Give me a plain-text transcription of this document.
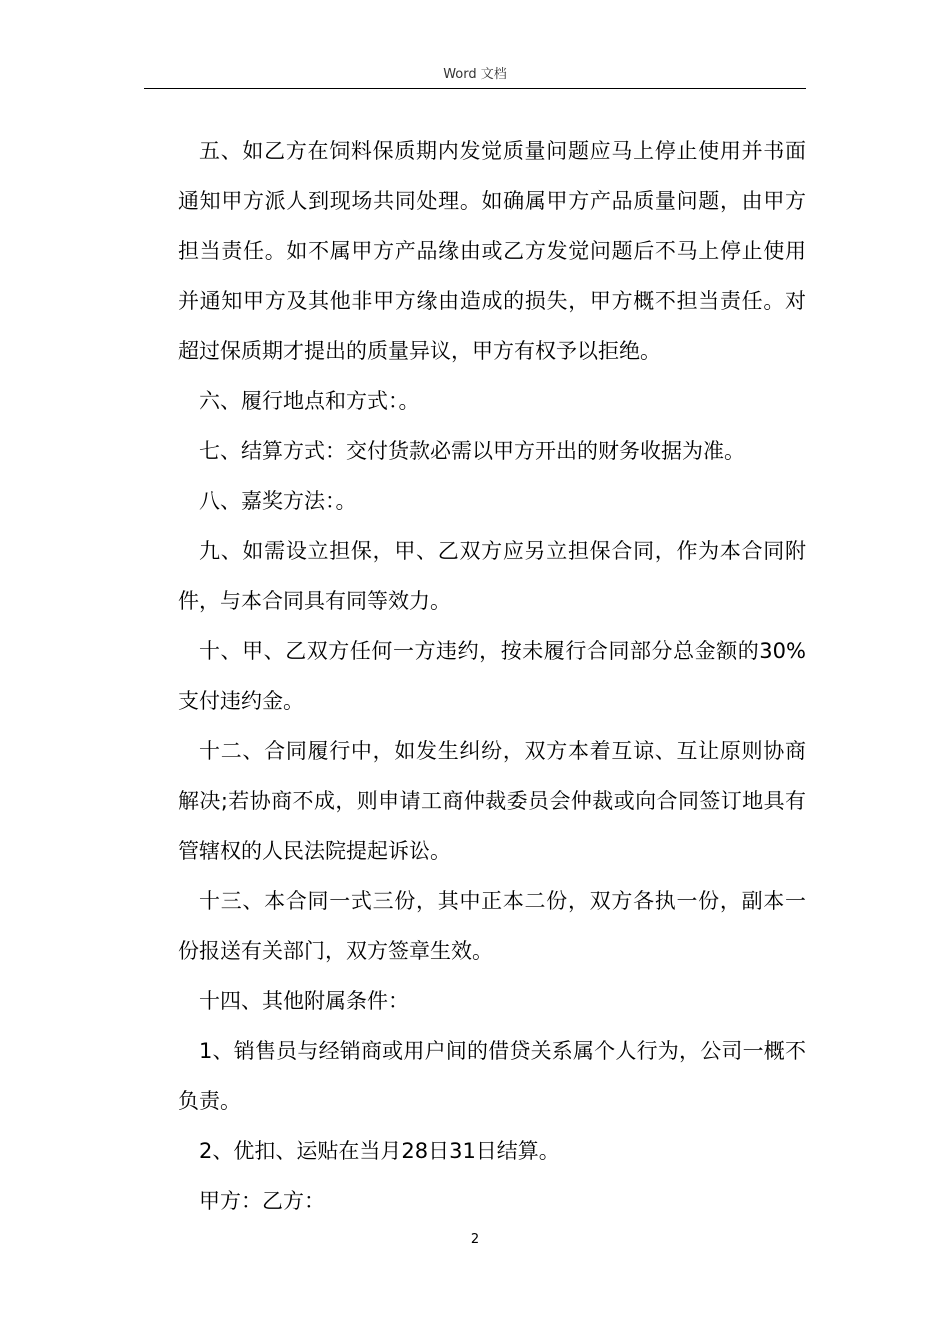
Word 文档

五、如乙方在饲料保质期内发觉质量问题应马上停止使用并书面通知甲方派人到现场共同处理。如确属甲方产品质量问题，由甲方担当责任。如不属甲方产品缘由或乙方发觉问题后不马上停止使用并通知甲方及其他非甲方缘由造成的损失，甲方概不担当责任。对超过保质期才提出的质量异议，甲方有权予以拒绝。

六、履行地点和方式：。

七、结算方式：交付货款必需以甲方开出的财务收据为准。

八、嘉奖方法：。

九、如需设立担保，甲、乙双方应另立担保合同，作为本合同附件，与本合同具有同等效力。

十、甲、乙双方任何一方违约，按未履行合同部分总金额的30%支付违约金。

十二、合同履行中，如发生纠纷，双方本着互谅、互让原则协商解决;若协商不成，则申请工商仲裁委员会仲裁或向合同签订地具有管辖权的人民法院提起诉讼。

十三、本合同一式三份，其中正本二份，双方各执一份，副本一份报送有关部门，双方签章生效。

十四、其他附属条件：

1、销售员与经销商或用户间的借贷关系属个人行为，公司一概不负责。

2、优扣、运贴在当月28日31日结算。

甲方：乙方：

2
